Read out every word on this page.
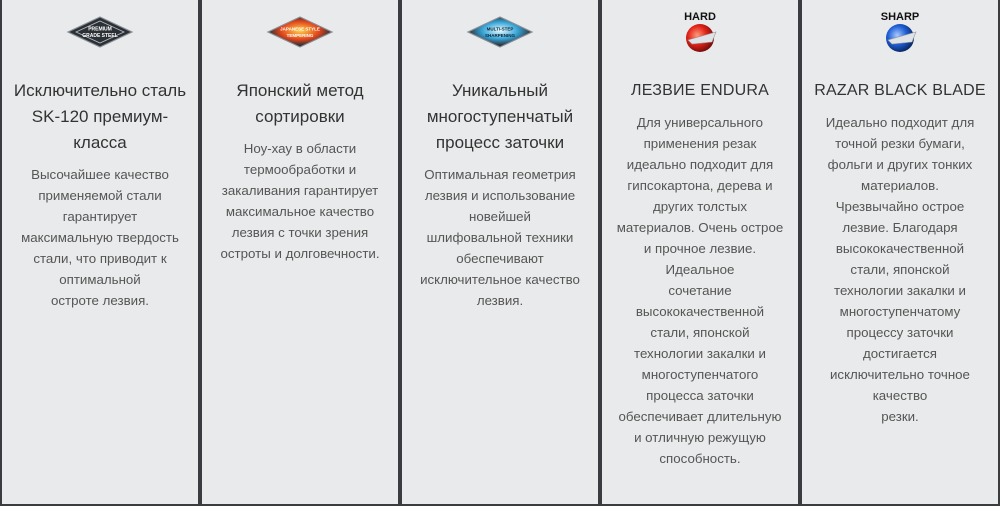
PREMIUM
GRADE STEEL
Исключительно сталь
SK-120 премиум-
класса
Высочайшее качество
применяемой стали
гарантирует
максимальную твердость
стали, что приводит к
оптимальной
остроте лезвия.
JAPANESE STYLE
TEMPERING
Японский метод
сортировки
Ноу-хау в области
термообработки и
закаливания гарантирует
максимальное качество
лезвия с точки зрения
остроты и долговечности.
MULTI-STEP
SHARPENING
Уникальный
многоступенчатый
процесс заточки
Оптимальная геометрия
лезвия и использование
новейшей
шлифовальной техники
обеспечивают
исключительное качество
лезвия.
HARD
ЛЕЗВИЕ ENDURA
Для универсального
применения резак
идеально подходит для
гипсокартона, дерева и
других толстых
материалов. Очень острое
и прочное лезвие.
Идеальное
сочетание
высококачественной
стали, японской
технологии закалки и
многоступенчатого
процесса заточки
обеспечивает длительную
и отличную режущую
способность.
SHARP
RAZAR BLACK BLADE
Идеально подходит для
точной резки бумаги,
фольги и других тонких
материалов.
Чрезвычайно острое
лезвие. Благодаря
высококачественной
стали, японской
технологии закалки и
многоступенчатому
процессу заточки
достигается
исключительно точное
качество
резки.
